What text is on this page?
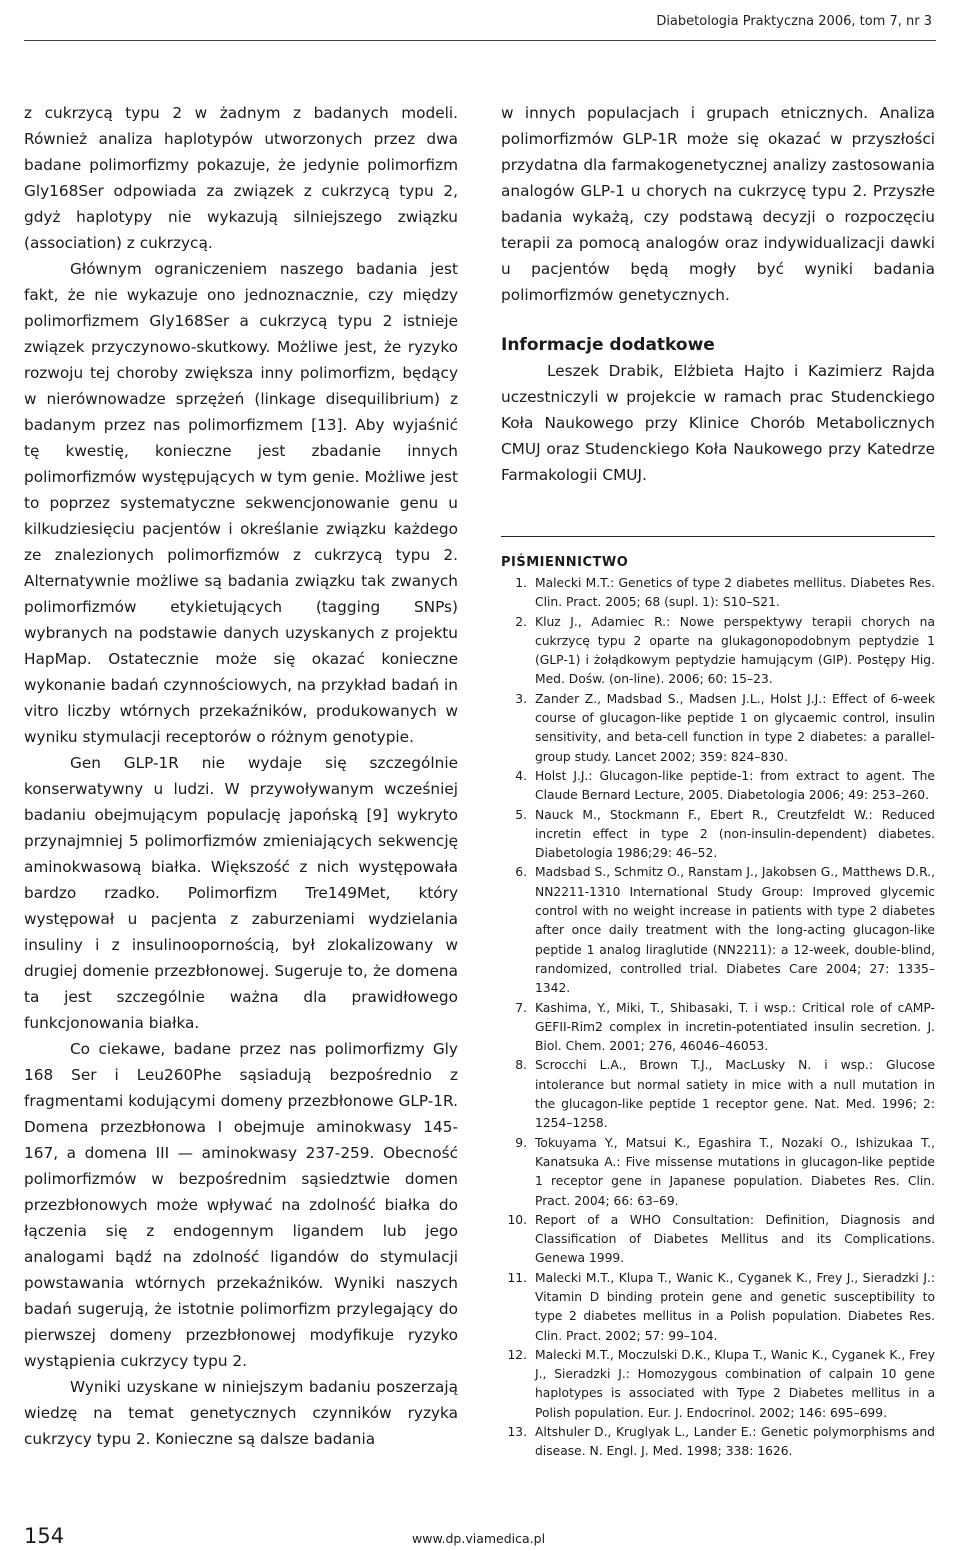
Diabetologia Praktyczna 2006, tom 7, nr 3

z cukrzycą typu 2 w żadnym z badanych modeli. Również analiza haplotypów utworzonych przez dwa badane polimorfizmy pokazuje, że jedynie polimorfizm Gly168Ser odpowiada za związek z cukrzycą typu 2, gdyż haplotypy nie wykazują silniejszego związku (association) z cukrzycą.

Głównym ograniczeniem naszego badania jest fakt, że nie wykazuje ono jednoznacznie, czy między polimorfizmem Gly168Ser a cukrzycą typu 2 istnieje związek przyczynowo-skutkowy. Możliwe jest, że ryzyko rozwoju tej choroby zwiększa inny polimorfizm, będący w nierównowadze sprzężeń (linkage disequilibrium) z badanym przez nas polimorfizmem [13]. Aby wyjaśnić tę kwestię, konieczne jest zbadanie innych polimorfizmów występujących w tym genie. Możliwe jest to poprzez systematyczne sekwencjonowanie genu u kilkudziesięciu pacjentów i określanie związku każdego ze znalezionych polimorfizmów z cukrzycą typu 2. Alternatywnie możliwe są badania związku tak zwanych polimorfizmów etykietujących (tagging SNPs) wybranych na podstawie danych uzyskanych z projektu HapMap. Ostatecznie może się okazać konieczne wykonanie badań czynnościowych, na przykład badań in vitro liczby wtórnych przekaźników, produkowanych w wyniku stymulacji receptorów o różnym genotypie.

Gen GLP-1R nie wydaje się szczególnie konserwatywny u ludzi. W przywoływanym wcześniej badaniu obejmującym populację japońską [9] wykryto przynajmniej 5 polimorfizmów zmieniających sekwencję aminokwasową białka. Większość z nich występowała bardzo rzadko. Polimorfizm Tre149Met, który występował u pacjenta z zaburzeniami wydzielania insuliny i z insulinoopornością, był zlokalizowany w drugiej domenie przezbłonowej. Sugeruje to, że domena ta jest szczególnie ważna dla prawidłowego funkcjonowania białka.

Co ciekawe, badane przez nas polimorfizmy Gly 168 Ser i Leu260Phe sąsiadują bezpośrednio z fragmentami kodującymi domeny przezbłonowe GLP-1R. Domena przezbłonowa I obejmuje aminokwasy 145-167, a domena III — aminokwasy 237-259. Obecność polimorfizmów w bezpośrednim sąsiedztwie domen przezbłonowych może wpływać na zdolność białka do łączenia się z endogennym ligandem lub jego analogami bądź na zdolność ligandów do stymulacji powstawania wtórnych przekaźników. Wyniki naszych badań sugerują, że istotnie polimorfizm przylegający do pierwszej domeny przezbłonowej modyfikuje ryzyko wystąpienia cukrzycy typu 2.

Wyniki uzyskane w niniejszym badaniu poszerzają wiedzę na temat genetycznych czynników ryzyka cukrzycy typu 2. Konieczne są dalsze badania

w innych populacjach i grupach etnicznych. Analiza polimorfizmów GLP-1R może się okazać w przyszłości przydatna dla farmakogenetycznej analizy zastosowania analogów GLP-1 u chorych na cukrzycę typu 2. Przyszłe badania wykażą, czy podstawą decyzji o rozpoczęciu terapii za pomocą analogów oraz indywidualizacji dawki u pacjentów będą mogły być wyniki badania polimorfizmów genetycznych.

Informacje dodatkowe

Leszek Drabik, Elżbieta Hajto i Kazimierz Rajda uczestniczyli w projekcie w ramach prac Studenckiego Koła Naukowego przy Klinice Chorób Metabolicznych CMUJ oraz Studenckiego Koła Naukowego przy Katedrze Farmakologii CMUJ.

PIŚMIENNICTWO
1. Malecki M.T.: Genetics of type 2 diabetes mellitus. Diabetes Res. Clin. Pract. 2005; 68 (supl. 1): S10–S21.
2. Kluz J., Adamiec R.: Nowe perspektywy terapii chorych na cukrzycę typu 2 oparte na glukagonopodobnym peptydzie 1 (GLP-1) i żołądkowym peptydzie hamującym (GIP). Postępy Hig. Med. Dośw. (on-line). 2006; 60: 15–23.
3. Zander Z., Madsbad S., Madsen J.L., Holst J.J.: Effect of 6-week course of glucagon-like peptide 1 on glycaemic control, insulin sensitivity, and beta-cell function in type 2 diabetes: a parallel-group study. Lancet 2002; 359: 824–830.
4. Holst J.J.: Glucagon-like peptide-1: from extract to agent. The Claude Bernard Lecture, 2005. Diabetologia 2006; 49: 253–260.
5. Nauck M., Stockmann F., Ebert R., Creutzfeldt W.: Reduced incretin effect in type 2 (non-insulin-dependent) diabetes. Diabetologia 1986;29: 46–52.
6. Madsbad S., Schmitz O., Ranstam J., Jakobsen G., Matthews D.R., NN2211-1310 International Study Group: Improved glycemic control with no weight increase in patients with type 2 diabetes after once daily treatment with the long-acting glucagon-like peptide 1 analog liraglutide (NN2211): a 12-week, double-blind, randomized, controlled trial. Diabetes Care 2004; 27: 1335–1342.
7. Kashima, Y., Miki, T., Shibasaki, T. i wsp.: Critical role of cAMP-GEFII-Rim2 complex in incretin-potentiated insulin secretion. J. Biol. Chem. 2001; 276, 46046–46053.
8. Scrocchi L.A., Brown T.J., MacLusky N. i wsp.: Glucose intolerance but normal satiety in mice with a null mutation in the glucagon-like peptide 1 receptor gene. Nat. Med. 1996; 2: 1254–1258.
9. Tokuyama Y., Matsui K., Egashira T., Nozaki O., Ishizukaa T., Kanatsuka A.: Five missense mutations in glucagon-like peptide 1 receptor gene in Japanese population. Diabetes Res. Clin. Pract. 2004; 66: 63–69.
10. Report of a WHO Consultation: Definition, Diagnosis and Classification of Diabetes Mellitus and its Complications. Genewa 1999.
11. Malecki M.T., Klupa T., Wanic K., Cyganek K., Frey J., Sieradzki J.: Vitamin D binding protein gene and genetic susceptibility to type 2 diabetes mellitus in a Polish population. Diabetes Res. Clin. Pract. 2002; 57: 99–104.
12. Malecki M.T., Moczulski D.K., Klupa T., Wanic K., Cyganek K., Frey J., Sieradzki J.: Homozygous combination of calpain 10 gene haplotypes is associated with Type 2 Diabetes mellitus in a Polish population. Eur. J. Endocrinol. 2002; 146: 695–699.
13. Altshuler D., Kruglyak L., Lander E.: Genetic polymorphisms and disease. N. Engl. J. Med. 1998; 338: 1626.
154	www.dp.viamedica.pl
